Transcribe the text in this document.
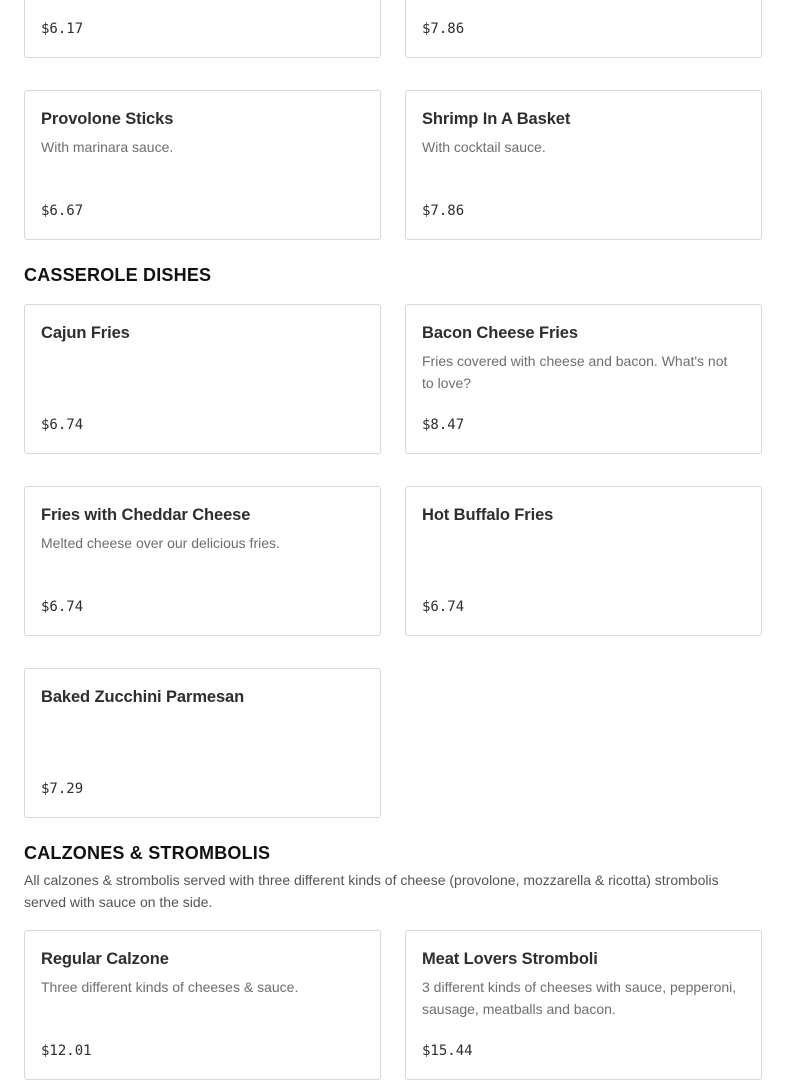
$6.17	$7.86
Provolone Sticks
With marinara sauce.
$6.67
Shrimp In A Basket
With cocktail sauce.
$7.86
CASSEROLE DISHES
Cajun Fries
$6.74
Bacon Cheese Fries
Fries covered with cheese and bacon. What's not to love?
$8.47
Fries with Cheddar Cheese
Melted cheese over our delicious fries.
$6.74
Hot Buffalo Fries
$6.74
Baked Zucchini Parmesan
$7.29
CALZONES & STROMBOLIS
All calzones & strombolis served with three different kinds of cheese (provolone, mozzarella & ricotta) strombolis served with sauce on the side.
Regular Calzone
Three different kinds of cheeses & sauce.
$12.01
Meat Lovers Stromboli
3 different kinds of cheeses with sauce, pepperoni, sausage, meatballs and bacon.
$15.44
